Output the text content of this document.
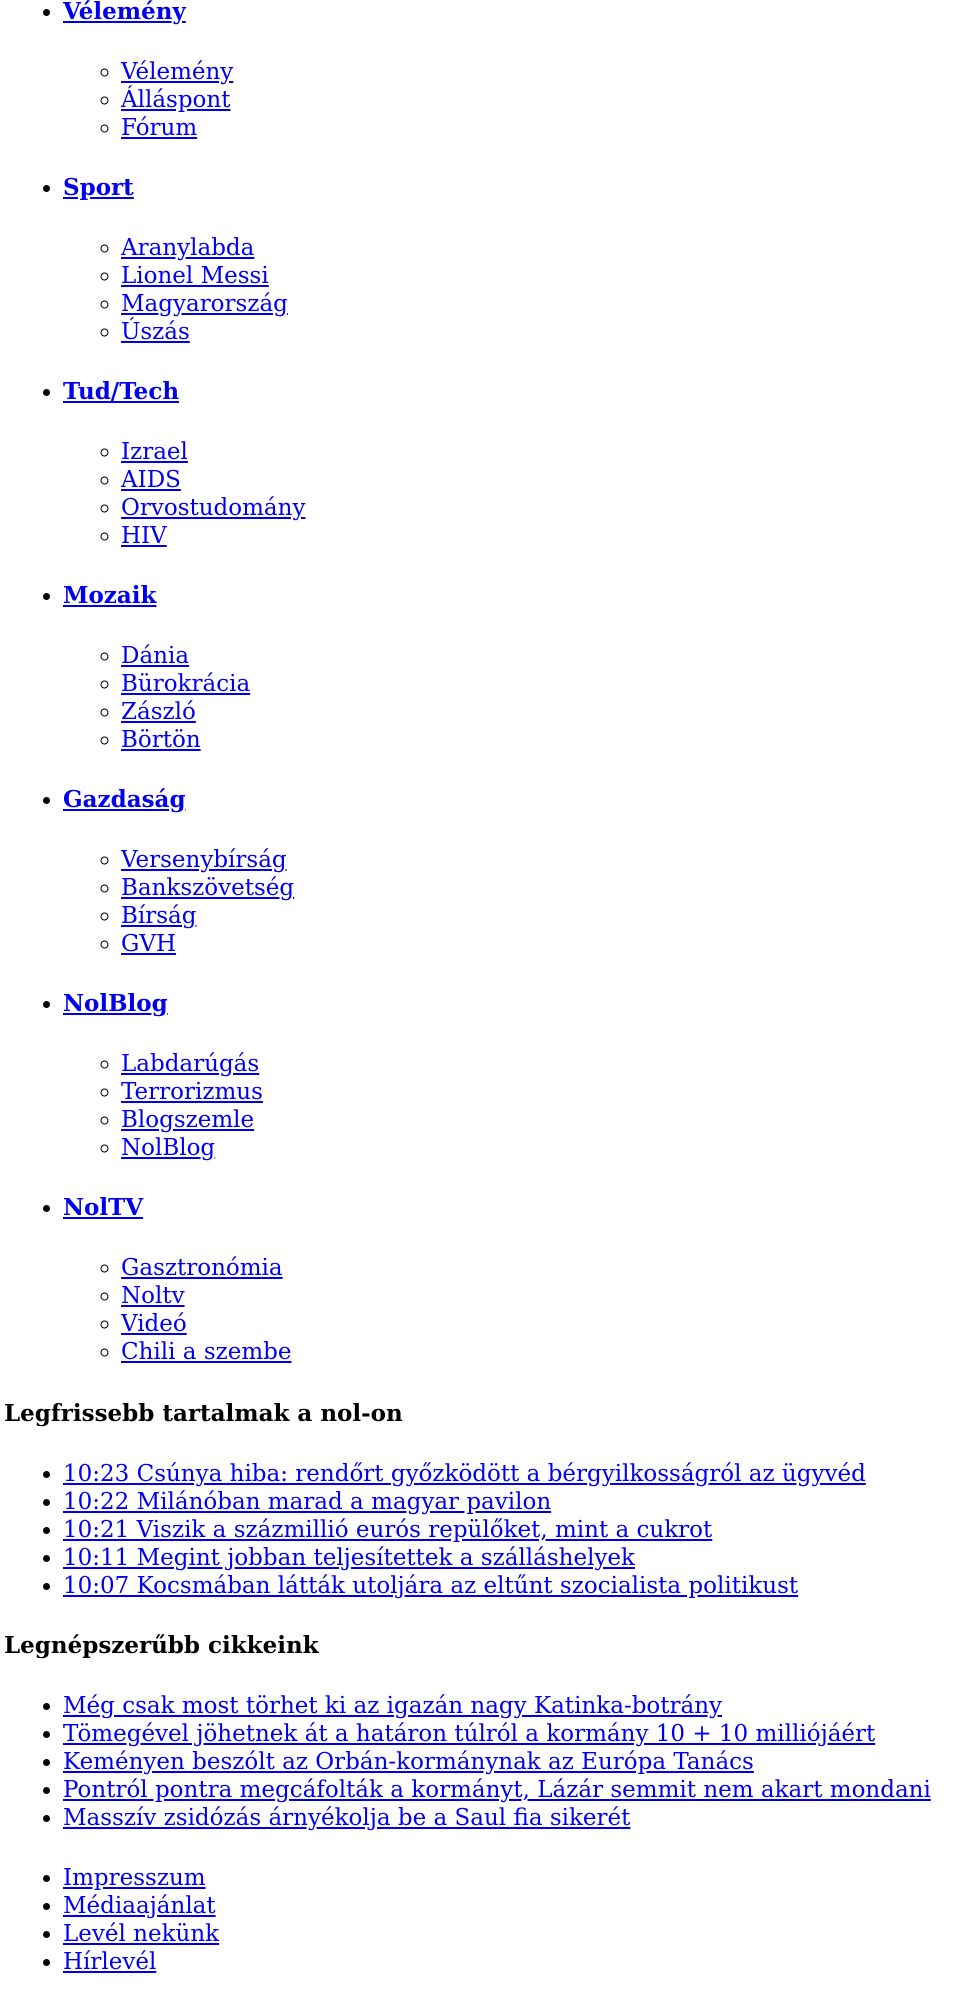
• Vélemény
◦ Vélemény
◦ Álláspont
◦ Fórum
• Sport
◦ Aranylabda
◦ Lionel Messi
◦ Magyarország
◦ Úszás
• Tud/Tech
◦ Izrael
◦ AIDS
◦ Orvostudomány
◦ HIV
• Mozaik
◦ Dánia
◦ Bürokrácia
◦ Zászló
◦ Börtön
• Gazdaság
◦ Versenybírság
◦ Bankszövetség
◦ Bírság
◦ GVH
• NolBlog
◦ Labdarúgás
◦ Terrorizmus
◦ Blogszemle
◦ NolBlog
• NolTV
◦ Gasztronómia
◦ Noltv
◦ Videó
◦ Chili a szembe
Legfrissebb tartalmak a nol-on
• 10:23 Csúnya hiba: rendőrt győzködött a bérgyilkosságról az ügyvéd
• 10:22 Milánóban marad a magyar pavilon
• 10:21 Viszik a százmillió eurós repülőket, mint a cukrot
• 10:11 Megint jobban teljesítettek a szálláshelyek
• 10:07 Kocsmában látták utoljára az eltűnt szocialista politikust
Legnépszerűbb cikkeink
• Még csak most törhet ki az igazán nagy Katinka-botrány
• Tömegével jöhetnek át a határon túlról a kormány 10 + 10 milliójáért
• Keményen beszólt az Orbán-kormánynak az Európa Tanács
• Pontról pontra megcáfolták a kormányt, Lázár semmit nem akart mondani
• Masszív zsidózás árnyékolja be a Saul fia sikerét
• Impresszum
• Médiaajánlat
• Levél nekünk
• Hírlevél
